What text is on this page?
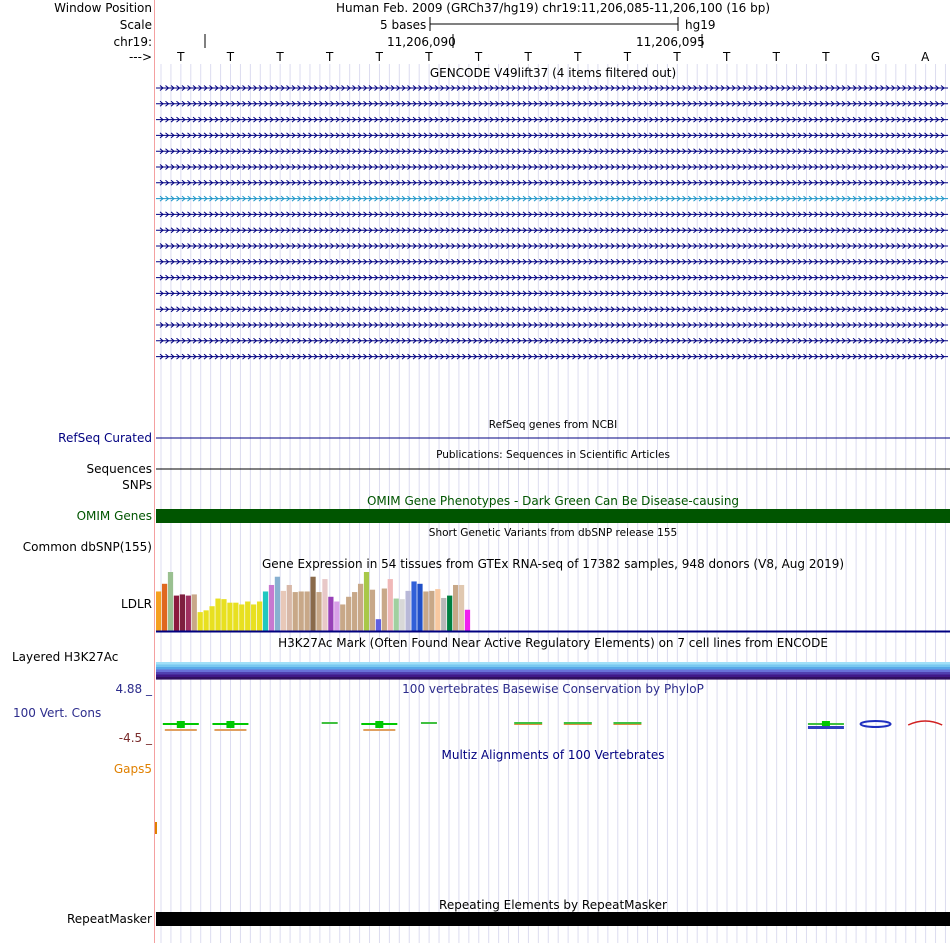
Window Position	Human Feb. 2009 (GRCh37/hg19) chr19:11,206,085-11,206,100 (16 bp)
Scale	5 bases	hg19
chr19:	11,206,090	11,206,095
--->
GENCODE V49lift37 (4 items filtered out)
RefSeq genes from NCBI
RefSeq Curated
Publications: Sequences in Scientific Articles
Sequences
SNPs
OMIM Gene Phenotypes - Dark Green Can Be Disease-causing
OMIM Genes
Short Genetic Variants from dbSNP release 155
Common dbSNP(155)
Gene Expression in 54 tissues from GTEx RNA-seq of 17382 samples, 948 donors (V8, Aug 2019)
LDLR
H3K27Ac Mark (Often Found Near Active Regulatory Elements) on 7 cell lines from ENCODE
Layered H3K27Ac
100 vertebrates Basewise Conservation by PhyloP
4.88 _
100 Vert. Cons
-4.5 _
Multiz Alignments of 100 Vertebrates
Gaps5
Repeating Elements by RepeatMasker
RepeatMasker
T	T	T	T	T	T	T	T	T	T	T	T	T	T	G	A
